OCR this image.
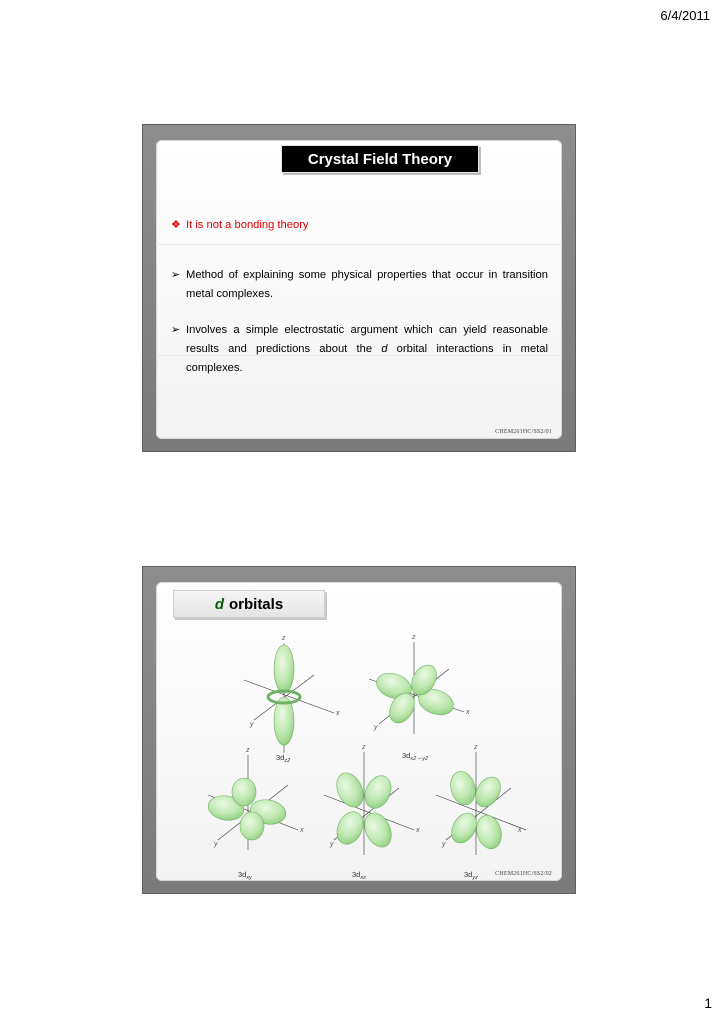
6/4/2011
Crystal Field Theory
❖ It is not a bonding theory
➢ Method of explaining some physical properties that occur in transition metal complexes.
➢ Involves a simple electrostatic argument which can yield reasonable results and predictions about the d orbital interactions in metal complexes.
CHEM261HC/SS2/01
d orbitals
z
x
y
z
x
y
$3d_{z2}$
$3d_{x2 - y2}$
z
x
y
z
x
y
z
x
y
$3d_{xy}$	$3d_{xz}$	$3d_{yz}$
CHEM261HC/SS2/02
1
